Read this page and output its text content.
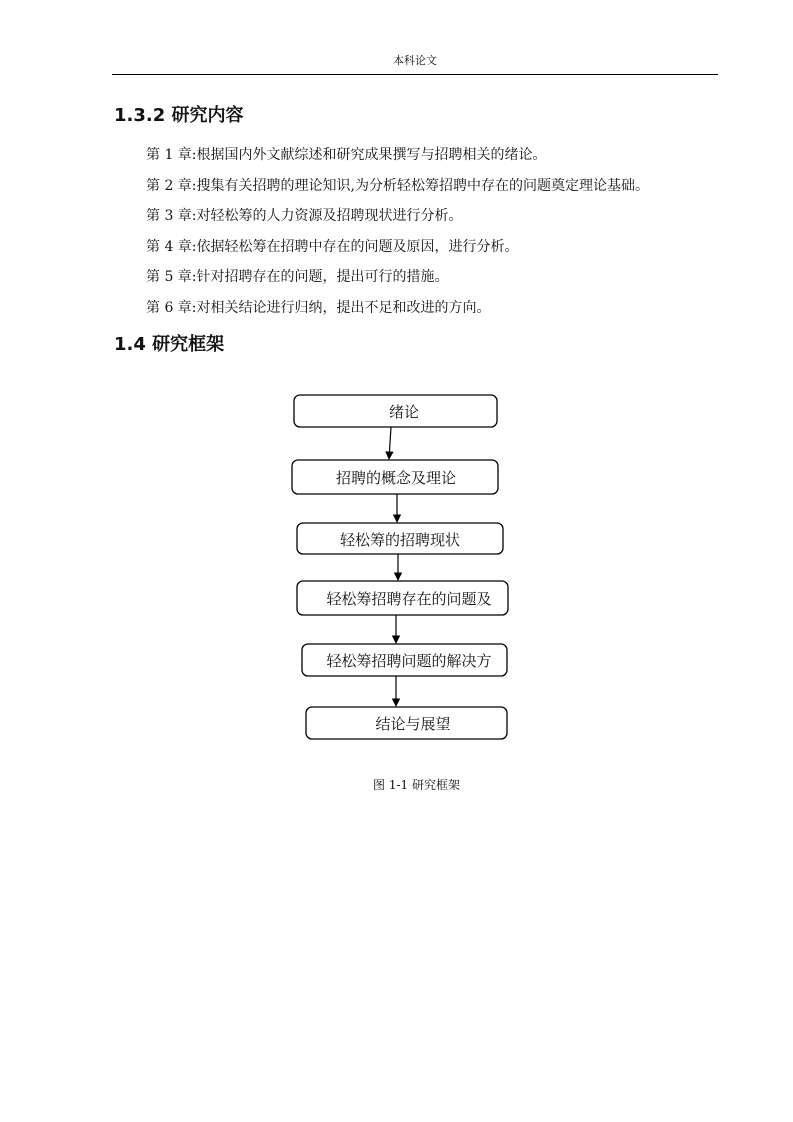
本科论文
1.3.2 研究内容
第 1 章:根据国内外文献综述和研究成果撰写与招聘相关的绪论。
第 2 章:搜集有关招聘的理论知识,为分析轻松筹招聘中存在的问题奠定理论基础。
第 3 章:对轻松筹的人力资源及招聘现状进行分析。
第 4 章:依据轻松筹在招聘中存在的问题及原因，进行分析。
第 5 章:针对招聘存在的问题，提出可行的措施。
第 6 章:对相关结论进行归纳，提出不足和改进的方向。
1.4 研究框架
绪论
招聘的概念及理论
轻松筹的招聘现状
轻松筹招聘存在的问题及
轻松筹招聘问题的解决方
结论与展望
图 1-1 研究框架
